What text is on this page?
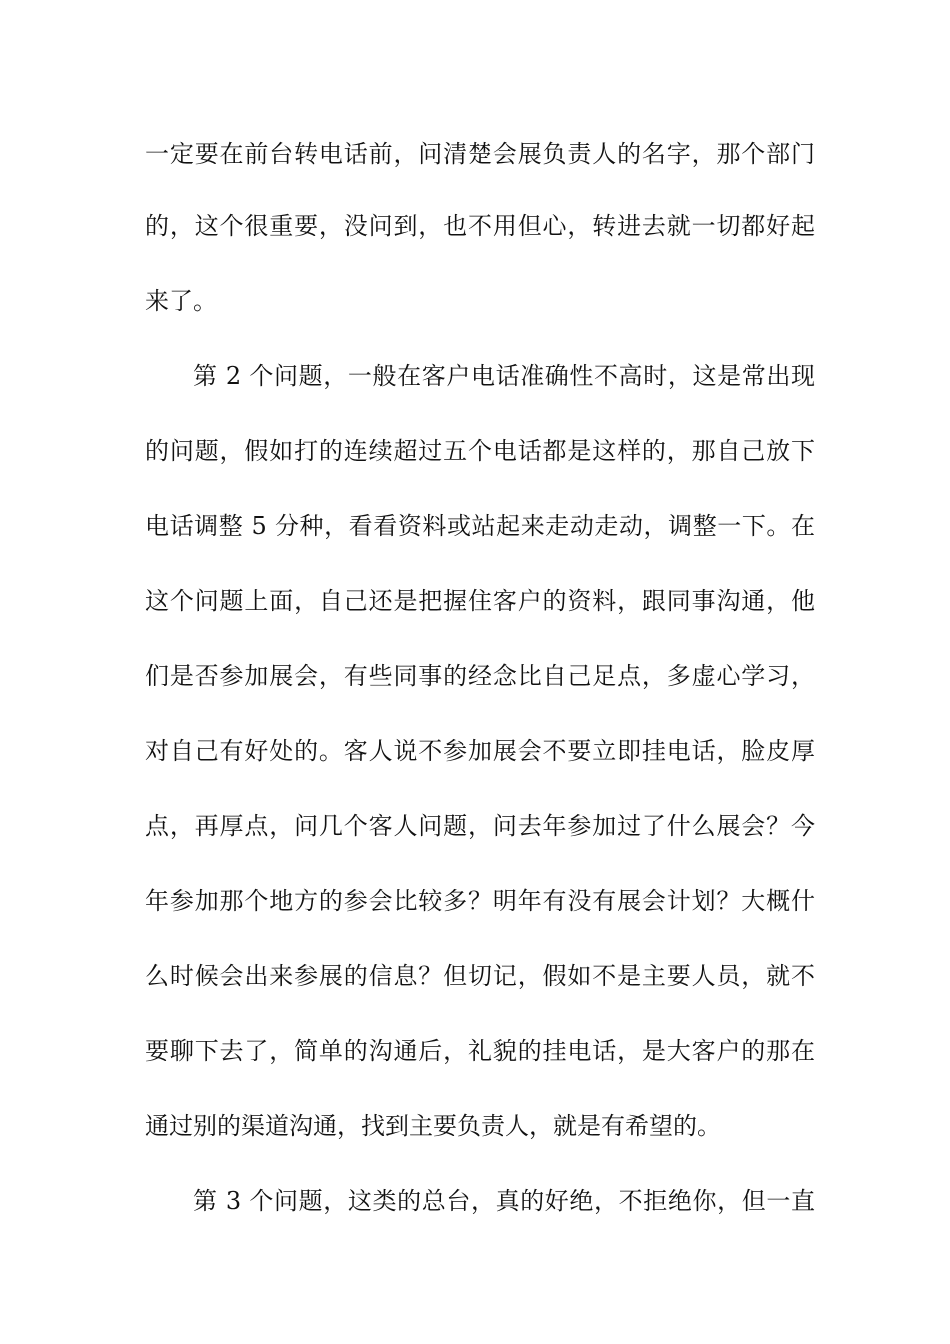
一定要在前台转电话前，问清楚会展负责人的名字，那个部门
的，这个很重要，没问到，也不用但心，转进去就一切都好起
来了。
第 2 个问题，一般在客户电话准确性不高时，这是常出现
的问题，假如打的连续超过五个电话都是这样的，那自己放下
电话调整 5 分种，看看资料或站起来走动走动，调整一下。在
这个问题上面，自己还是把握住客户的资料，跟同事沟通，他
们是否参加展会，有些同事的经念比自己足点，多虚心学习，
对自己有好处的。客人说不参加展会不要立即挂电话，脸皮厚
点，再厚点，问几个客人问题，问去年参加过了什么展会？今
年参加那个地方的参会比较多？明年有没有展会计划？大概什
么时候会出来参展的信息？但切记，假如不是主要人员，就不
要聊下去了，简单的沟通后，礼貌的挂电话，是大客户的那在
通过别的渠道沟通，找到主要负责人，就是有希望的。
第 3 个问题，这类的总台，真的好绝，不拒绝你，但一直
